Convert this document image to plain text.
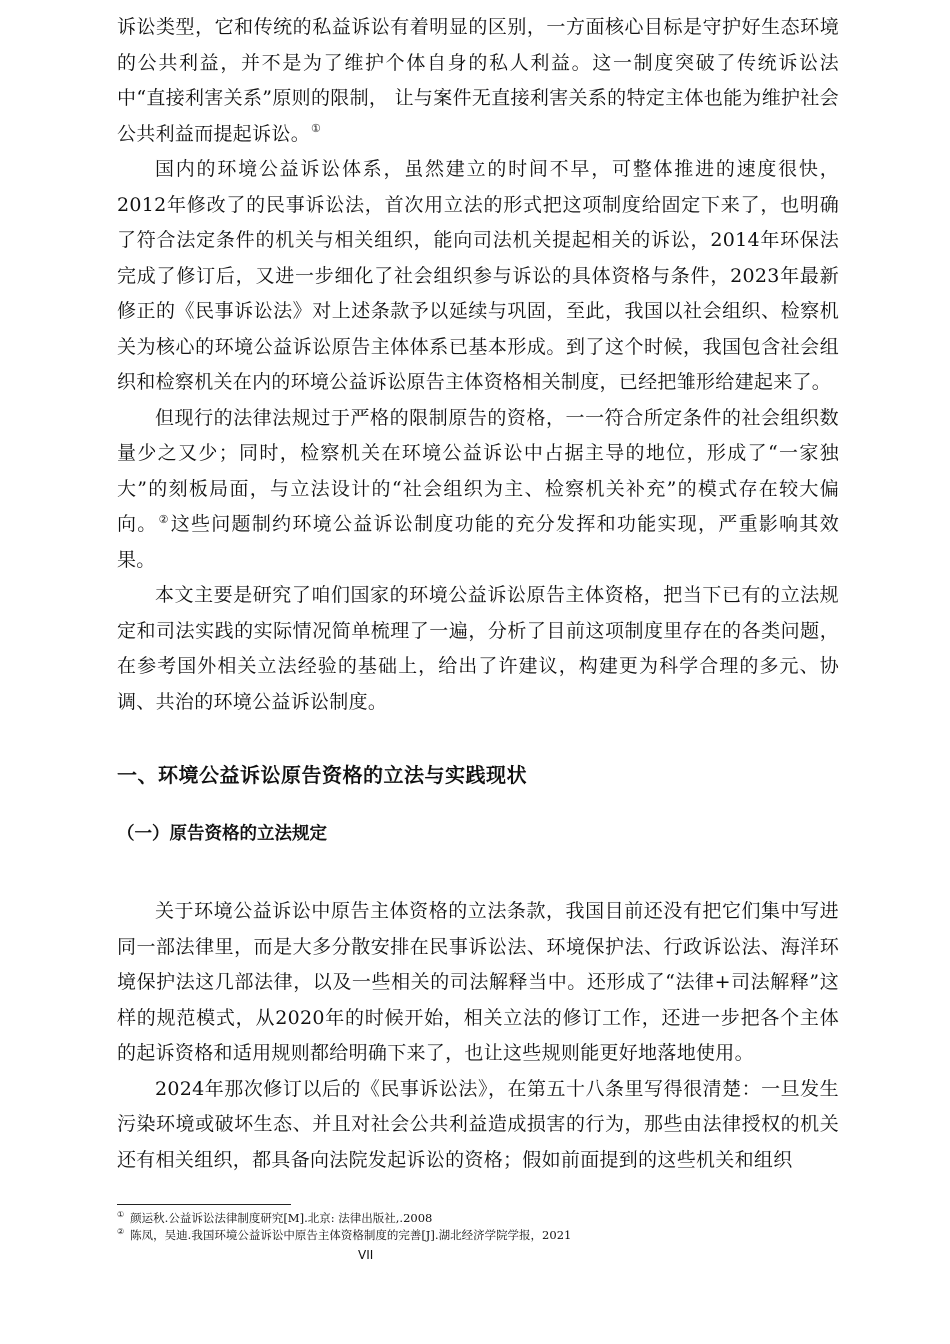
诉讼类型，它和传统的私益诉讼有着明显的区别，一方面核心目标是守护好生态环境的公共利益，并不是为了维护个体自身的私人利益。这一制度突破了传统诉讼法中“直接利害关系”原则的限制， 让与案件无直接利害关系的特定主体也能为维护社会公共利益而提起诉讼。①

国内的环境公益诉讼体系，虽然建立的时间不早，可整体推进的速度很快，2012年修改了的民事诉讼法，首次用立法的形式把这项制度给固定下来了，也明确了符合法定条件的机关与相关组织，能向司法机关提起相关的诉讼，2014年环保法完成了修订后，又进一步细化了社会组织参与诉讼的具体资格与条件，2023年最新修正的《民事诉讼法》对上述条款予以延续与巩固，至此，我国以社会组织、检察机关为核心的环境公益诉讼原告主体体系已基本形成。到了这个时候，我国包含社会组织和检察机关在内的环境公益诉讼原告主体资格相关制度，已经把雏形给建起来了。

但现行的法律法规过于严格的限制原告的资格，一一符合所定条件的社会组织数量少之又少；同时，检察机关在环境公益诉讼中占据主导的地位，形成了“一家独大”的刻板局面，与立法设计的“社会组织为主、检察机关补充”的模式存在较大偏向。②这些问题制约环境公益诉讼制度功能的充分发挥和功能实现，严重影响其效果。

本文主要是研究了咱们国家的环境公益诉讼原告主体资格，把当下已有的立法规定和司法实践的实际情况简单梳理了一遍，分析了目前这项制度里存在的各类问题，在参考国外相关立法经验的基础上，给出了许建议，构建更为科学合理的多元、协调、共治的环境公益诉讼制度。

一、环境公益诉讼原告资格的立法与实践现状
（一）原告资格的立法规定

关于环境公益诉讼中原告主体资格的立法条款，我国目前还没有把它们集中写进同一部法律里，而是大多分散安排在民事诉讼法、环境保护法、行政诉讼法、海洋环境保护法这几部法律，以及一些相关的司法解释当中。还形成了“法律+司法解释”这样的规范模式，从2020年的时候开始，相关立法的修订工作，还进一步把各个主体的起诉资格和适用规则都给明确下来了，也让这些规则能更好地落地使用。

2024年那次修订以后的《民事诉讼法》，在第五十八条里写得很清楚：一旦发生污染环境或破坏生态、并且对社会公共利益造成损害的行为，那些由法律授权的机关还有相关组织，都具备向法院发起诉讼的资格；假如前面提到的这些机关和组织

① 颜运秋.公益诉讼法律制度研究[M].北京: 法律出版社,.2008

② 陈凤，吴迪.我国环境公益诉讼中原告主体资格制度的完善[J].湖北经济学院学报，2021

VII
